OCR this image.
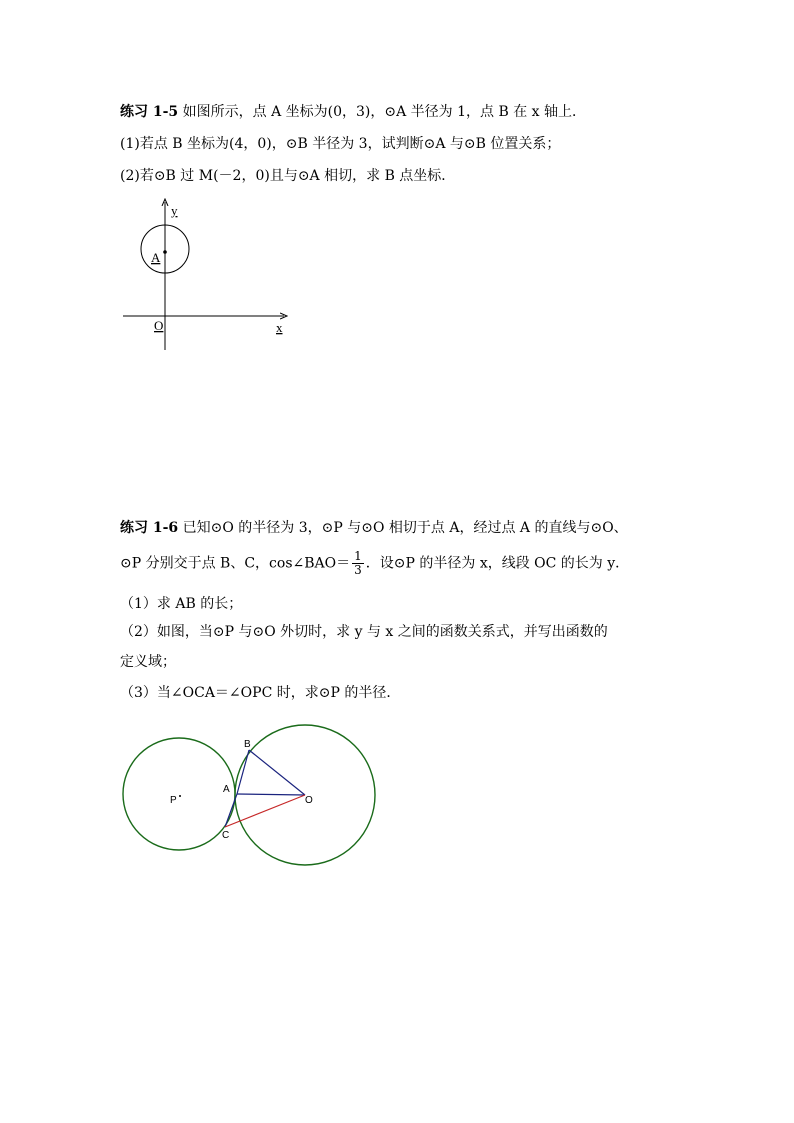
练习 1-5 如图所示，点 A 坐标为(0，3)，⊙A 半径为 1，点 B 在 x 轴上．
(1)若点 B 坐标为(4，0)，⊙B 半径为 3，试判断⊙A 与⊙B 位置关系；
(2)若⊙B 过 M(－2，0)且与⊙A 相切，求 B 点坐标．
y
x
O
A
练习 1-6 已知⊙O 的半径为 3，⊙P 与⊙O 相切于点 A，经过点 A 的直线与⊙O、
⊙P 分别交于点 B、C，cos∠BAO＝ $\frac{1}{3}$ ．设⊙P 的半径为 x，线段 OC 的长为 y．
（1）求 AB 的长；
（2）如图，当⊙P 与⊙O 外切时，求 y 与 x 之间的函数关系式，并写出函数的
定义域；
（3）当∠OCA＝∠OPC 时，求⊙P 的半径．
B
A
C
O
P
